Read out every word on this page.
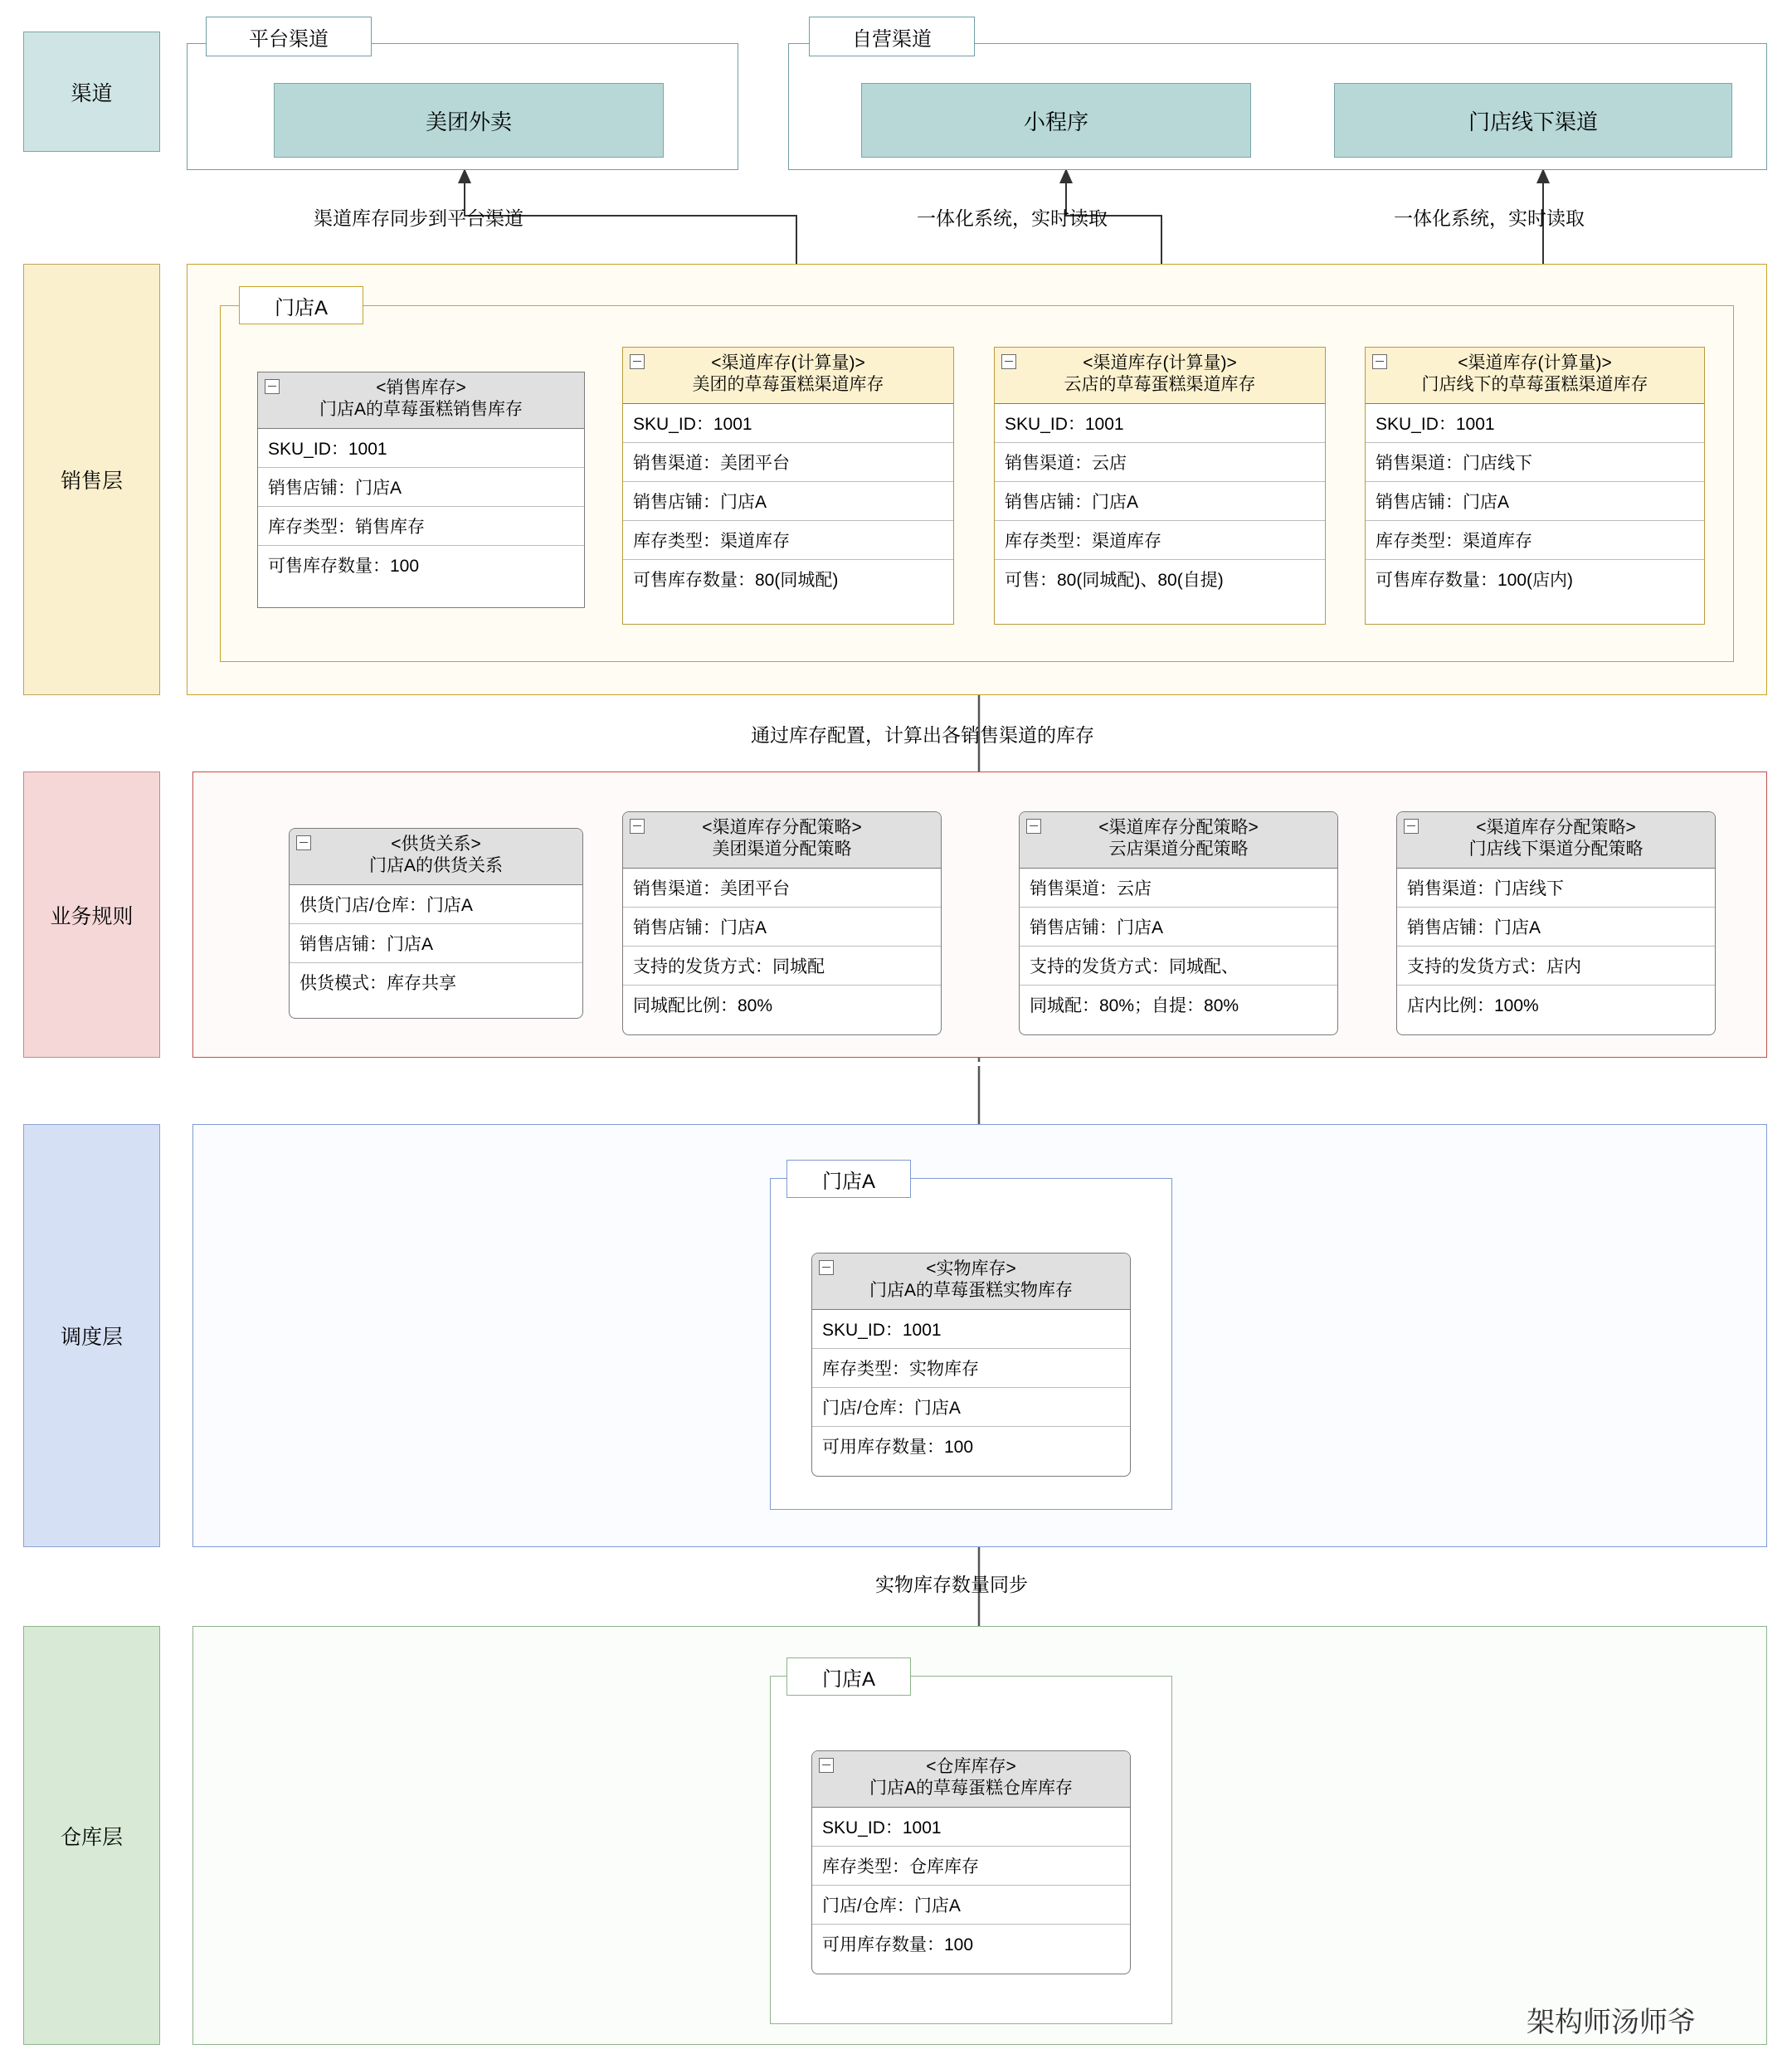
渠道
销售层
业务规则
调度层
仓库层
平台渠道
美团外卖
自营渠道
小程序	门店线下渠道
渠道库存同步到平台渠道	一体化系统，实时读取	一体化系统，实时读取
门店A
<销售库存>
门店A的草莓蛋糕销售库存
SKU_ID：1001
销售店铺：门店A
库存类型：销售库存
可售库存数量：100
<渠道库存(计算量)>
美团的草莓蛋糕渠道库存
SKU_ID：1001
销售渠道：美团平台
销售店铺：门店A
库存类型：渠道库存
可售库存数量：80(同城配)
<渠道库存(计算量)>
云店的草莓蛋糕渠道库存
SKU_ID：1001
销售渠道：云店
销售店铺：门店A
库存类型：渠道库存
可售：80(同城配)、80(自提)
<渠道库存(计算量)>
门店线下的草莓蛋糕渠道库存
SKU_ID：1001
销售渠道：门店线下
销售店铺：门店A
库存类型：渠道库存
可售库存数量：100(店内)
通过库存配置，计算出各销售渠道的库存
<供货关系>
门店A的供货关系
供货门店/仓库：门店A
销售店铺：门店A
供货模式：库存共享
<渠道库存分配策略>
美团渠道分配策略
销售渠道：美团平台
销售店铺：门店A
支持的发货方式：同城配
同城配比例：80%
<渠道库存分配策略>
云店渠道分配策略
销售渠道：云店
销售店铺：门店A
支持的发货方式：同城配、
同城配：80%；自提：80%
<渠道库存分配策略>
门店线下渠道分配策略
销售渠道：门店线下
销售店铺：门店A
支持的发货方式：店内
店内比例：100%
门店A
<实物库存>
门店A的草莓蛋糕实物库存
SKU_ID：1001
库存类型：实物库存
门店/仓库：门店A
可用库存数量：100
实物库存数量同步
门店A
<仓库库存>
门店A的草莓蛋糕仓库库存
SKU_ID：1001
库存类型：仓库库存
门店/仓库：门店A
可用库存数量：100
架构师汤师爷
